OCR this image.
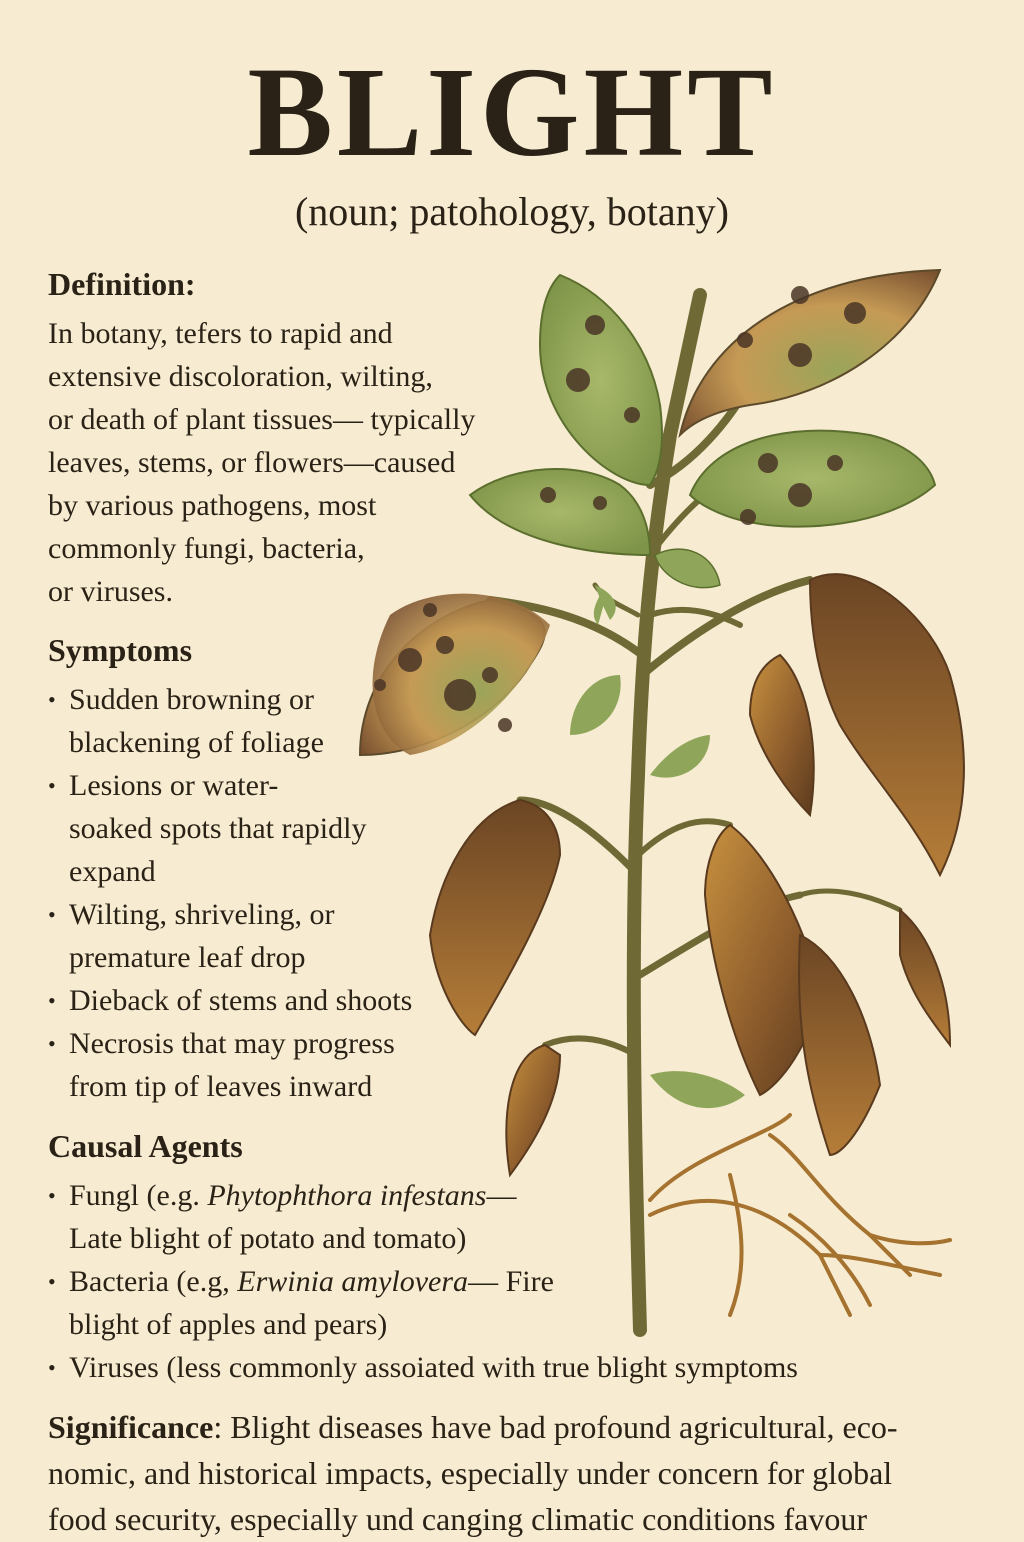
BLIGHT
(noun; patohology, botany)
Definition:

In botany, tefers to rapid and
extensive discoloration, wilting,
or death of plant tissues— typically
leaves, stems, or flowers—caused
by various pathogens, most
commonly fungi, bacteria,
or viruses.

Symptoms
• Sudden browning or
blackening of foliage
• Lesions or water-
soaked spots that rapidly
expand
• Wilting, shriveling, or
premature leaf drop
• Dieback of stems and shoots
• Necrosis that may progress
from tip of leaves inward
Causal Agents
• Fungl (e.g. Phytophthora infestans—
Late blight of potato and tomato)
• Bacteria (e.g, Erwinia amylovera— Fire
blight of apples and pears)
• Viruses (less commonly assoiated with true blight symptoms

Significance: Blight diseases have bad profound agricultural, eco-
nomic, and historical impacts, especially under concern for global
food security, especially und canging climatic conditions favour
